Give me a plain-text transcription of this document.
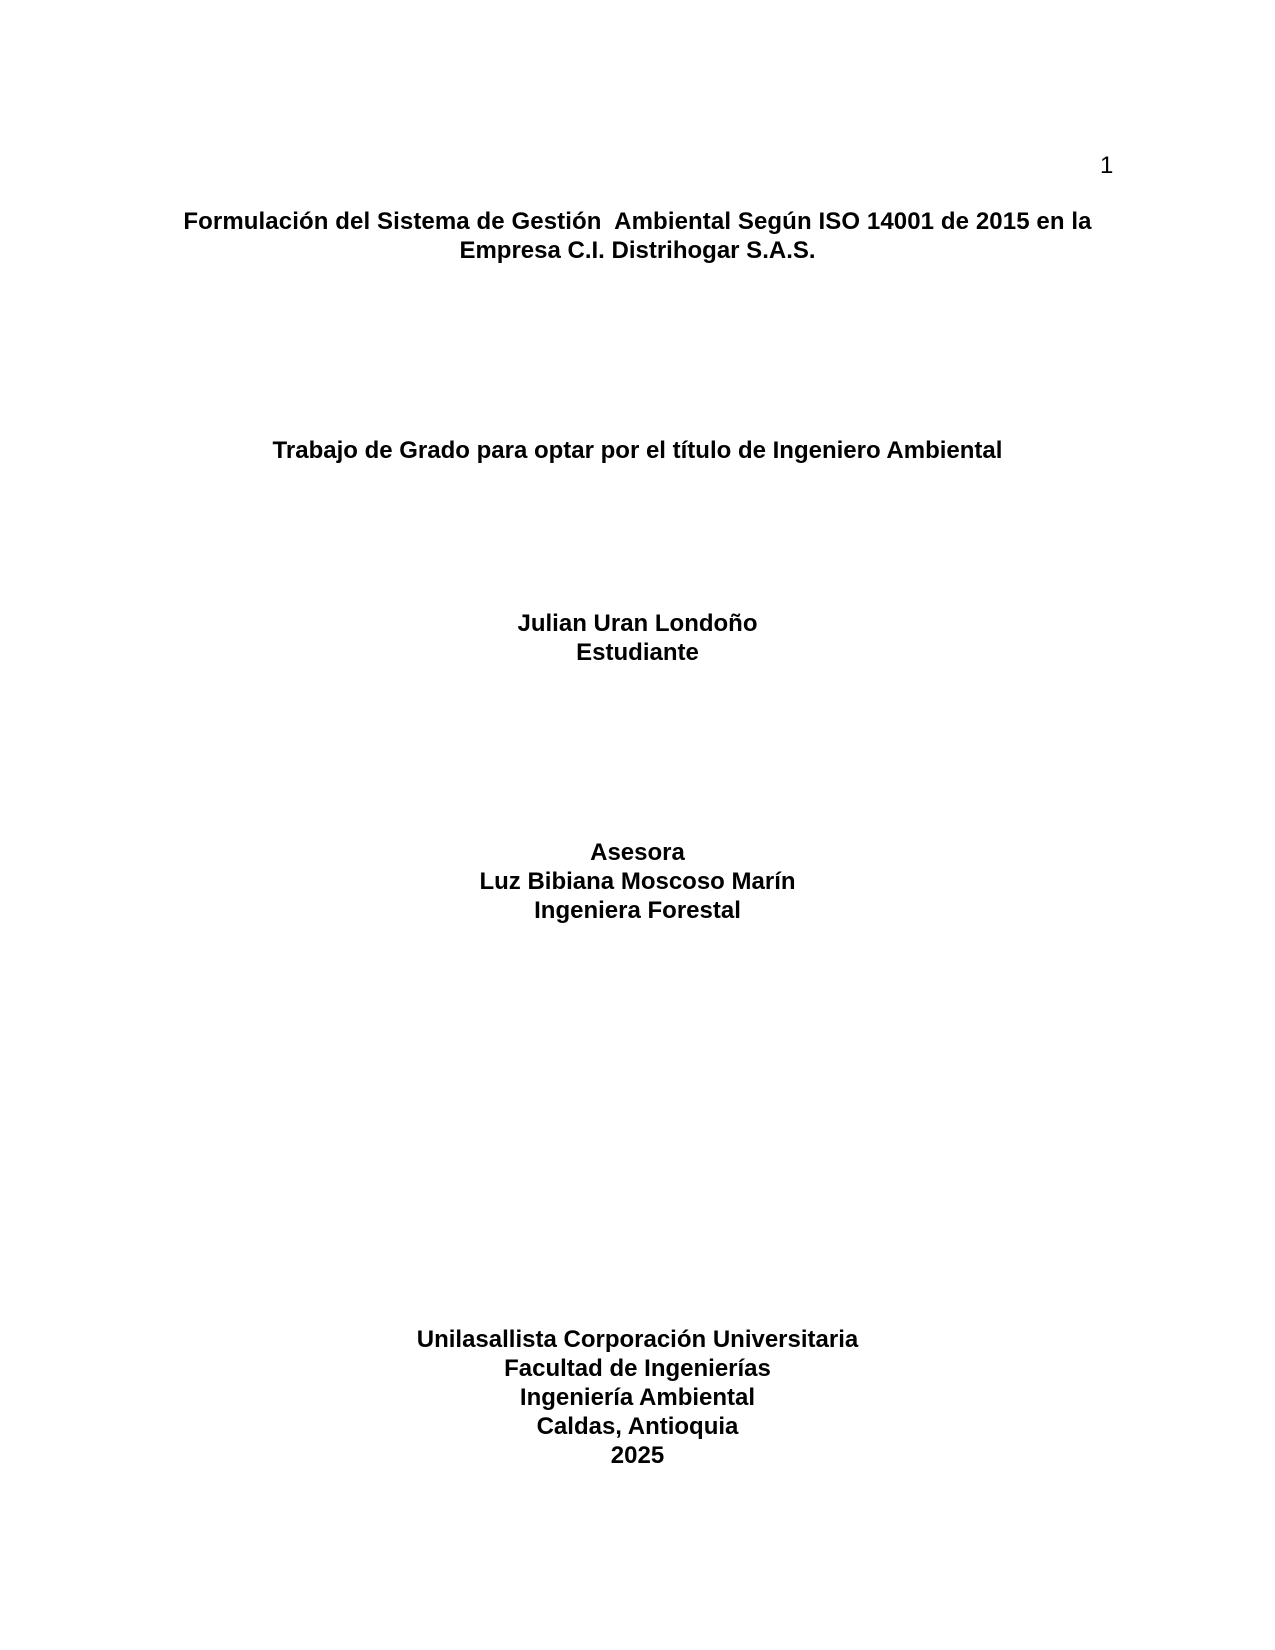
1
Formulación del Sistema de Gestión  Ambiental Según ISO 14001 de 2015 en la
Empresa C.I. Distrihogar S.A.S.
Trabajo de Grado para optar por el título de Ingeniero Ambiental
Julian Uran Londoño
Estudiante
Asesora
Luz Bibiana Moscoso Marín
Ingeniera Forestal
Unilasallista Corporación Universitaria
Facultad de Ingenierías
Ingeniería Ambiental
Caldas, Antioquia
2025
